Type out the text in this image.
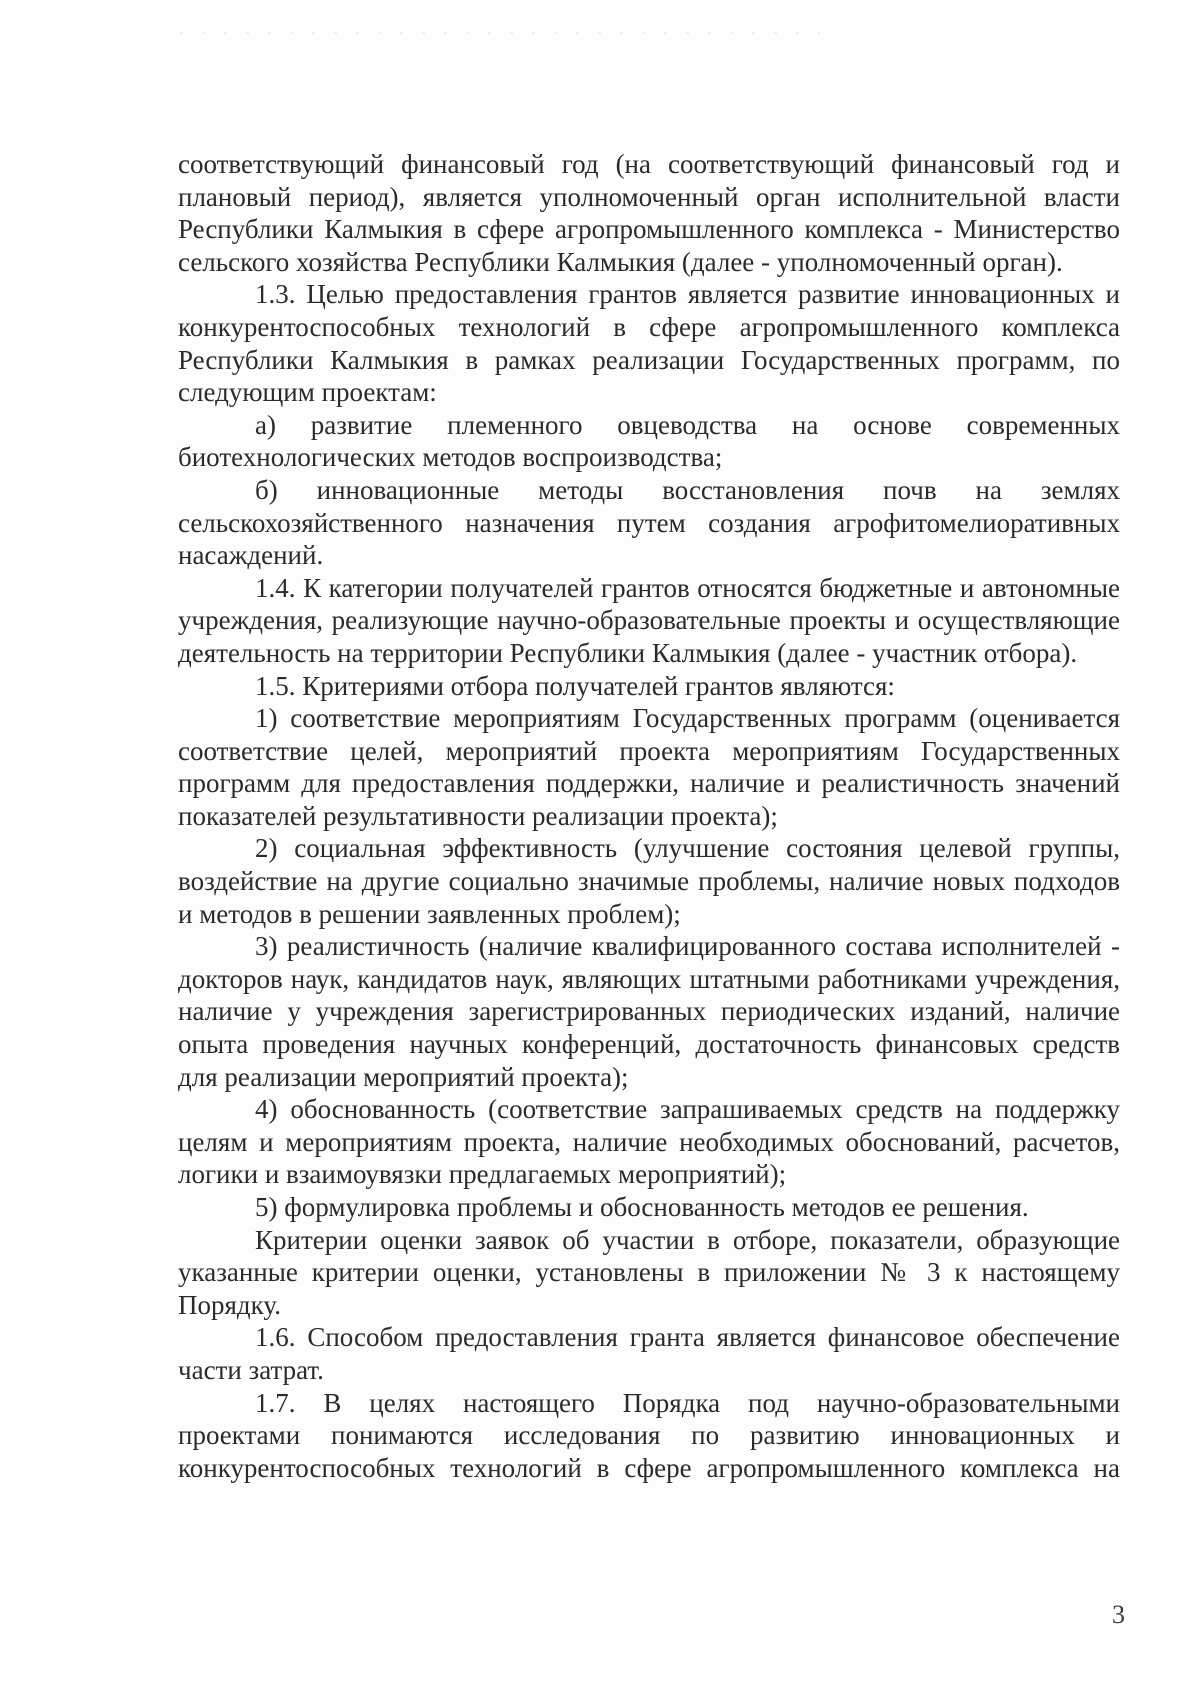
соответствующий финансовый год (на соответствующий финансовый год и плановый период), является уполномоченный орган исполнительной власти Республики Калмыкия в сфере агропромышленного комплекса - Министерство сельского хозяйства Республики Калмыкия (далее - уполномоченный орган).

1.3. Целью предоставления грантов является развитие инновационных и конкурентоспособных технологий в сфере агропромышленного комплекса Республики Калмыкия в рамках реализации Государственных программ, по следующим проектам:

а) развитие племенного овцеводства на основе современных биотехнологических методов воспроизводства;

б) инновационные методы восстановления почв на землях сельскохозяйственного назначения путем создания агрофитомелиоративных насаждений.

1.4. К категории получателей грантов относятся бюджетные и автономные учреждения, реализующие научно-образовательные проекты и осуществляющие деятельность на территории Республики Калмыкия (далее - участник отбора).

1.5. Критериями отбора получателей грантов являются:

1) соответствие мероприятиям Государственных программ (оценивается соответствие целей, мероприятий проекта мероприятиям Государственных программ для предоставления поддержки, наличие и реалистичность значений показателей результативности реализации проекта);

2) социальная эффективность (улучшение состояния целевой группы, воздействие на другие социально значимые проблемы, наличие новых подходов и методов в решении заявленных проблем);

3) реалистичность (наличие квалифицированного состава исполнителей - докторов наук, кандидатов наук, являющих штатными работниками учреждения, наличие у учреждения зарегистрированных периодических изданий, наличие опыта проведения научных конференций, достаточность финансовых средств для реализации мероприятий проекта);

4) обоснованность (соответствие запрашиваемых средств на поддержку целям и мероприятиям проекта, наличие необходимых обоснований, расчетов, логики и взаимоувязки предлагаемых мероприятий);

5) формулировка проблемы и обоснованность методов ее решения.

Критерии оценки заявок об участии в отборе, показатели, образующие указанные критерии оценки, установлены в приложении № 3 к настоящему Порядку.

1.6. Способом предоставления гранта является финансовое обеспечение части затрат.

1.7. В целях настоящего Порядка под научно-образовательными проектами понимаются исследования по развитию инновационных и конкурентоспособных технологий в сфере агропромышленного комплекса на

3
